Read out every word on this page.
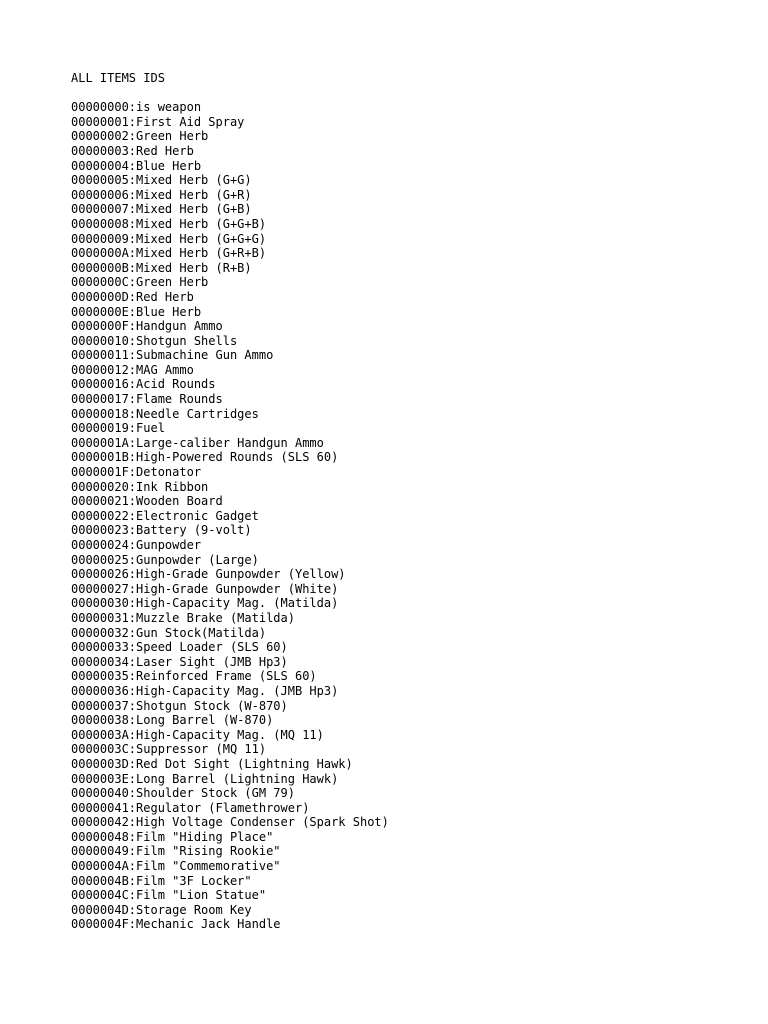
ALL ITEMS IDS
00000000:is weapon
00000001:First Aid Spray
00000002:Green Herb
00000003:Red Herb
00000004:Blue Herb
00000005:Mixed Herb (G+G)
00000006:Mixed Herb (G+R)
00000007:Mixed Herb (G+B)
00000008:Mixed Herb (G+G+B)
00000009:Mixed Herb (G+G+G)
0000000A:Mixed Herb (G+R+B)
0000000B:Mixed Herb (R+B)
0000000C:Green Herb
0000000D:Red Herb
0000000E:Blue Herb
0000000F:Handgun Ammo
00000010:Shotgun Shells
00000011:Submachine Gun Ammo
00000012:MAG Ammo
00000016:Acid Rounds
00000017:Flame Rounds
00000018:Needle Cartridges
00000019:Fuel
0000001A:Large-caliber Handgun Ammo
0000001B:High-Powered Rounds (SLS 60)
0000001F:Detonator
00000020:Ink Ribbon
00000021:Wooden Board
00000022:Electronic Gadget
00000023:Battery (9-volt)
00000024:Gunpowder
00000025:Gunpowder (Large)
00000026:High-Grade Gunpowder (Yellow)
00000027:High-Grade Gunpowder (White)
00000030:High-Capacity Mag. (Matilda)
00000031:Muzzle Brake (Matilda)
00000032:Gun Stock(Matilda)
00000033:Speed Loader (SLS 60)
00000034:Laser Sight (JMB Hp3)
00000035:Reinforced Frame (SLS 60)
00000036:High-Capacity Mag. (JMB Hp3)
00000037:Shotgun Stock (W-870)
00000038:Long Barrel (W-870)
0000003A:High-Capacity Mag. (MQ 11)
0000003C:Suppressor (MQ 11)
0000003D:Red Dot Sight (Lightning Hawk)
0000003E:Long Barrel (Lightning Hawk)
00000040:Shoulder Stock (GM 79)
00000041:Regulator (Flamethrower)
00000042:High Voltage Condenser (Spark Shot)
00000048:Film "Hiding Place"
00000049:Film "Rising Rookie"
0000004A:Film "Commemorative"
0000004B:Film "3F Locker"
0000004C:Film "Lion Statue"
0000004D:Storage Room Key
0000004F:Mechanic Jack Handle
